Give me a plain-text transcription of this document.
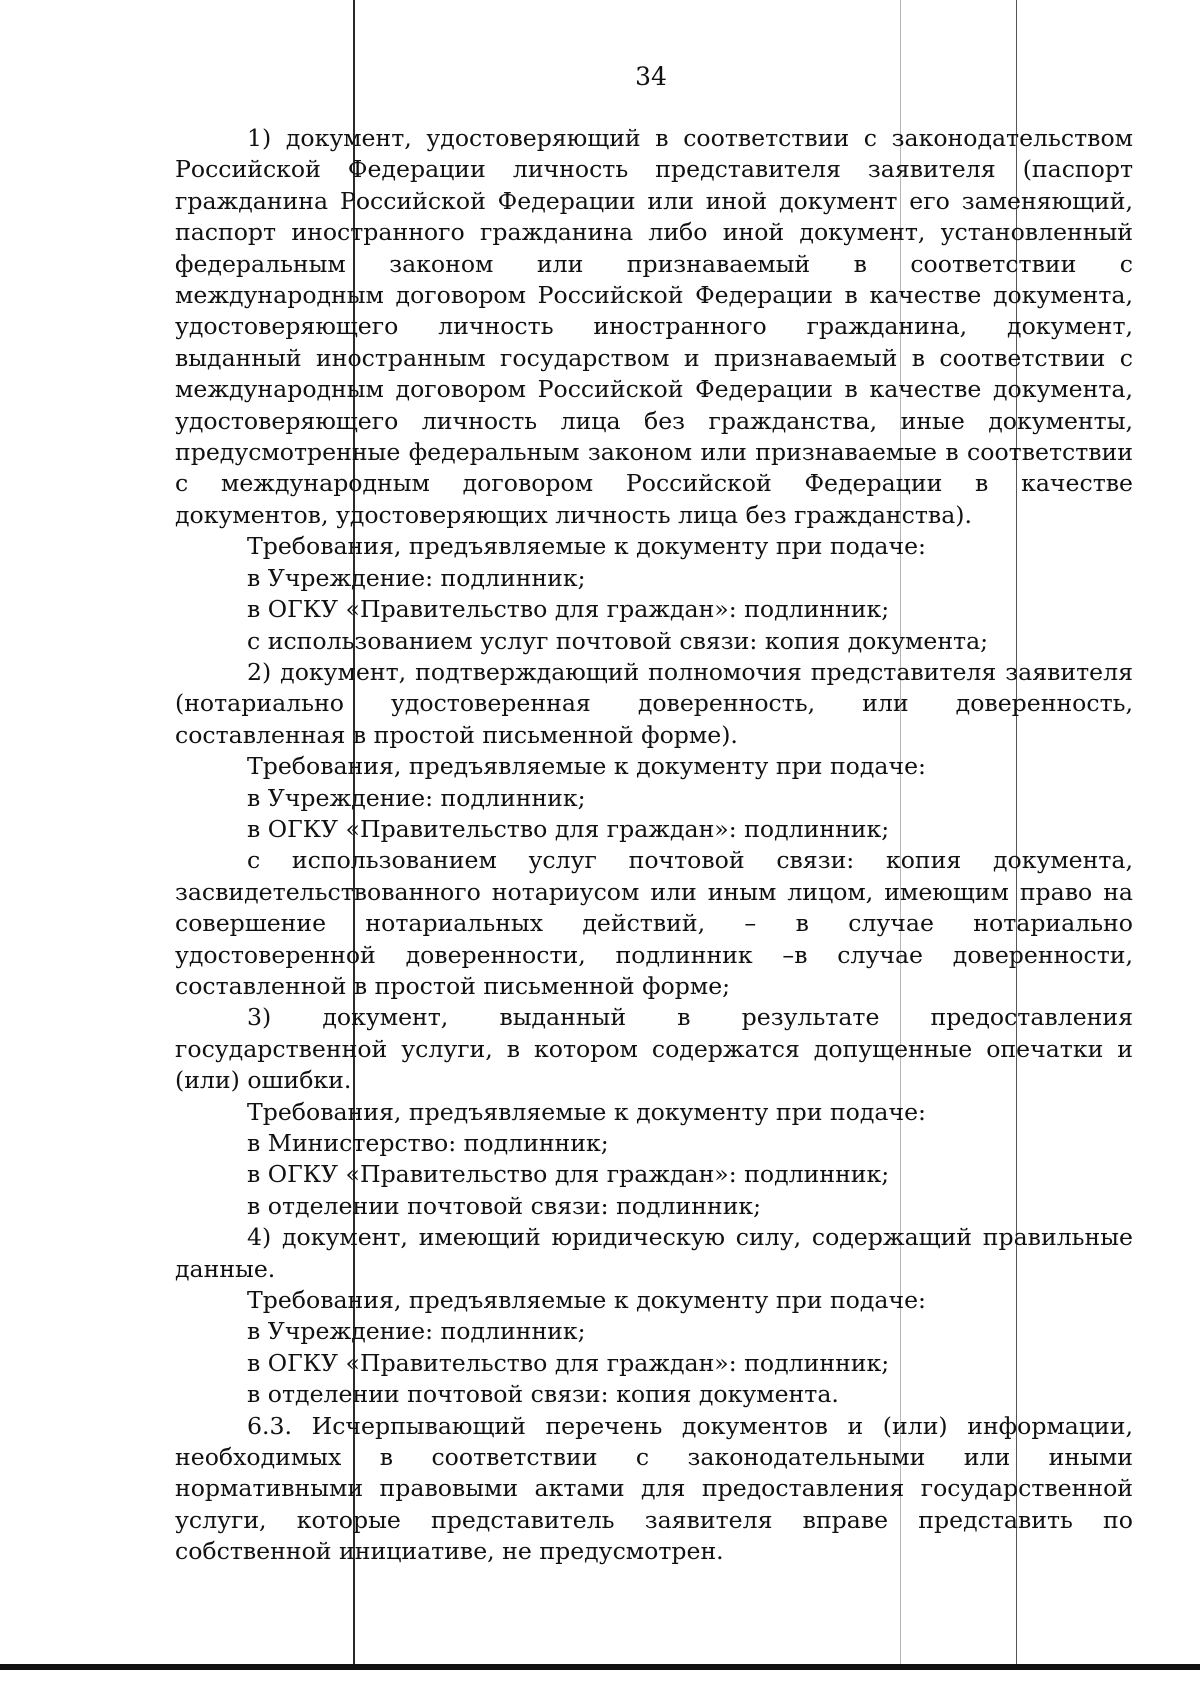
34

1) документ, удостоверяющий в соответствии с законодательством Российской Федерации личность представителя заявителя (паспорт гражданина Российской Федерации или иной документ его заменяющий, паспорт иностранного гражданина либо иной документ, установленный федеральным законом или признаваемый в соответствии с международным договором Российской Федерации в качестве документа, удостоверяющего личность иностранного гражданина, документ, выданный иностранным государством и признаваемый в соответствии с международным договором Российской Федерации в качестве документа, удостоверяющего личность лица без гражданства, иные документы, предусмотренные федеральным законом или признаваемые в соответствии с международным договором Российской Федерации в качестве документов, удостоверяющих личность лица без гражданства).

Требования, предъявляемые к документу при подаче:

в Учреждение: подлинник;

в ОГКУ «Правительство для граждан»: подлинник;

с использованием услуг почтовой связи: копия документа;

2) документ, подтверждающий полномочия представителя заявителя (нотариально удостоверенная доверенность, или доверенность, составленная в простой письменной форме).

Требования, предъявляемые к документу при подаче:

в Учреждение: подлинник;

в ОГКУ «Правительство для граждан»: подлинник;

с использованием услуг почтовой связи: копия документа, засвидетельствованного нотариусом или иным лицом, имеющим право на совершение нотариальных действий, – в случае нотариально удостоверенной доверенности, подлинник –в случае доверенности, составленной в простой письменной форме;

3) документ, выданный в результате предоставления государственной услуги, в котором содержатся допущенные опечатки и (или) ошибки.

Требования, предъявляемые к документу при подаче:

в Министерство: подлинник;

в ОГКУ «Правительство для граждан»: подлинник;

в отделении почтовой связи: подлинник;

4) документ, имеющий юридическую силу, содержащий правильные данные.

Требования, предъявляемые к документу при подаче:

в Учреждение: подлинник;

в ОГКУ «Правительство для граждан»: подлинник;

в отделении почтовой связи: копия документа.

6.3. Исчерпывающий перечень документов и (или) информации, необходимых в соответствии с законодательными или иными нормативными правовыми актами для предоставления государственной услуги, которые представитель заявителя вправе представить по собственной инициативе, не предусмотрен.
